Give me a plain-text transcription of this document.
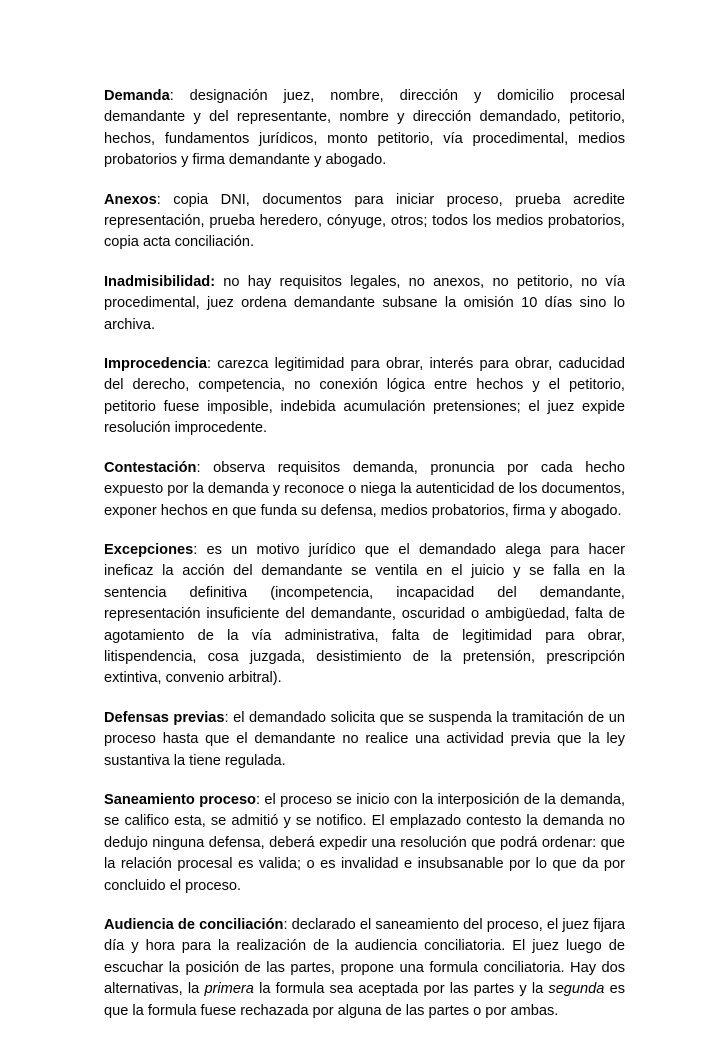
Demanda: designación juez, nombre, dirección y domicilio procesal demandante y del representante, nombre y dirección demandado, petitorio, hechos, fundamentos jurídicos, monto petitorio, vía procedimental, medios probatorios y firma demandante y abogado.

Anexos: copia DNI, documentos para iniciar proceso, prueba acredite representación, prueba heredero, cónyuge, otros; todos los medios probatorios, copia acta conciliación.

Inadmisibilidad: no hay requisitos legales, no anexos, no petitorio, no vía procedimental, juez ordena demandante subsane la omisión 10 días sino lo archiva.

Improcedencia: carezca legitimidad para obrar, interés para obrar, caducidad del derecho, competencia, no conexión lógica entre hechos y el petitorio, petitorio fuese imposible, indebida acumulación pretensiones; el juez expide resolución improcedente.

Contestación: observa requisitos demanda, pronuncia por cada hecho expuesto por la demanda y reconoce o niega la autenticidad de los documentos, exponer hechos en que funda su defensa, medios probatorios, firma y abogado.

Excepciones: es un motivo jurídico que el demandado alega para hacer ineficaz la acción del demandante se ventila en el juicio y se falla en la sentencia definitiva (incompetencia, incapacidad del demandante, representación insuficiente del demandante, oscuridad o ambigüedad, falta de agotamiento de la vía administrativa, falta de legitimidad para obrar, litispendencia, cosa juzgada, desistimiento de la pretensión, prescripción extintiva, convenio arbitral).

Defensas previas: el demandado solicita que se suspenda la tramitación de un proceso hasta que el demandante no realice una actividad previa que la ley sustantiva la tiene regulada.

Saneamiento proceso: el proceso se inicio con la interposición de la demanda, se califico esta, se admitió y se notifico. El emplazado contesto la demanda no dedujo ninguna defensa, deberá expedir una resolución que podrá ordenar: que la relación procesal es valida; o es invalidad e insubsanable por lo que da por concluido el proceso.

Audiencia de conciliación: declarado el saneamiento del proceso, el juez fijara día y hora para la realización de la audiencia conciliatoria. El juez luego de escuchar la posición de las partes, propone una formula conciliatoria. Hay dos alternativas, la primera la formula sea aceptada por las partes y la segunda es que la formula fuese rechazada por alguna de las partes o por ambas.
